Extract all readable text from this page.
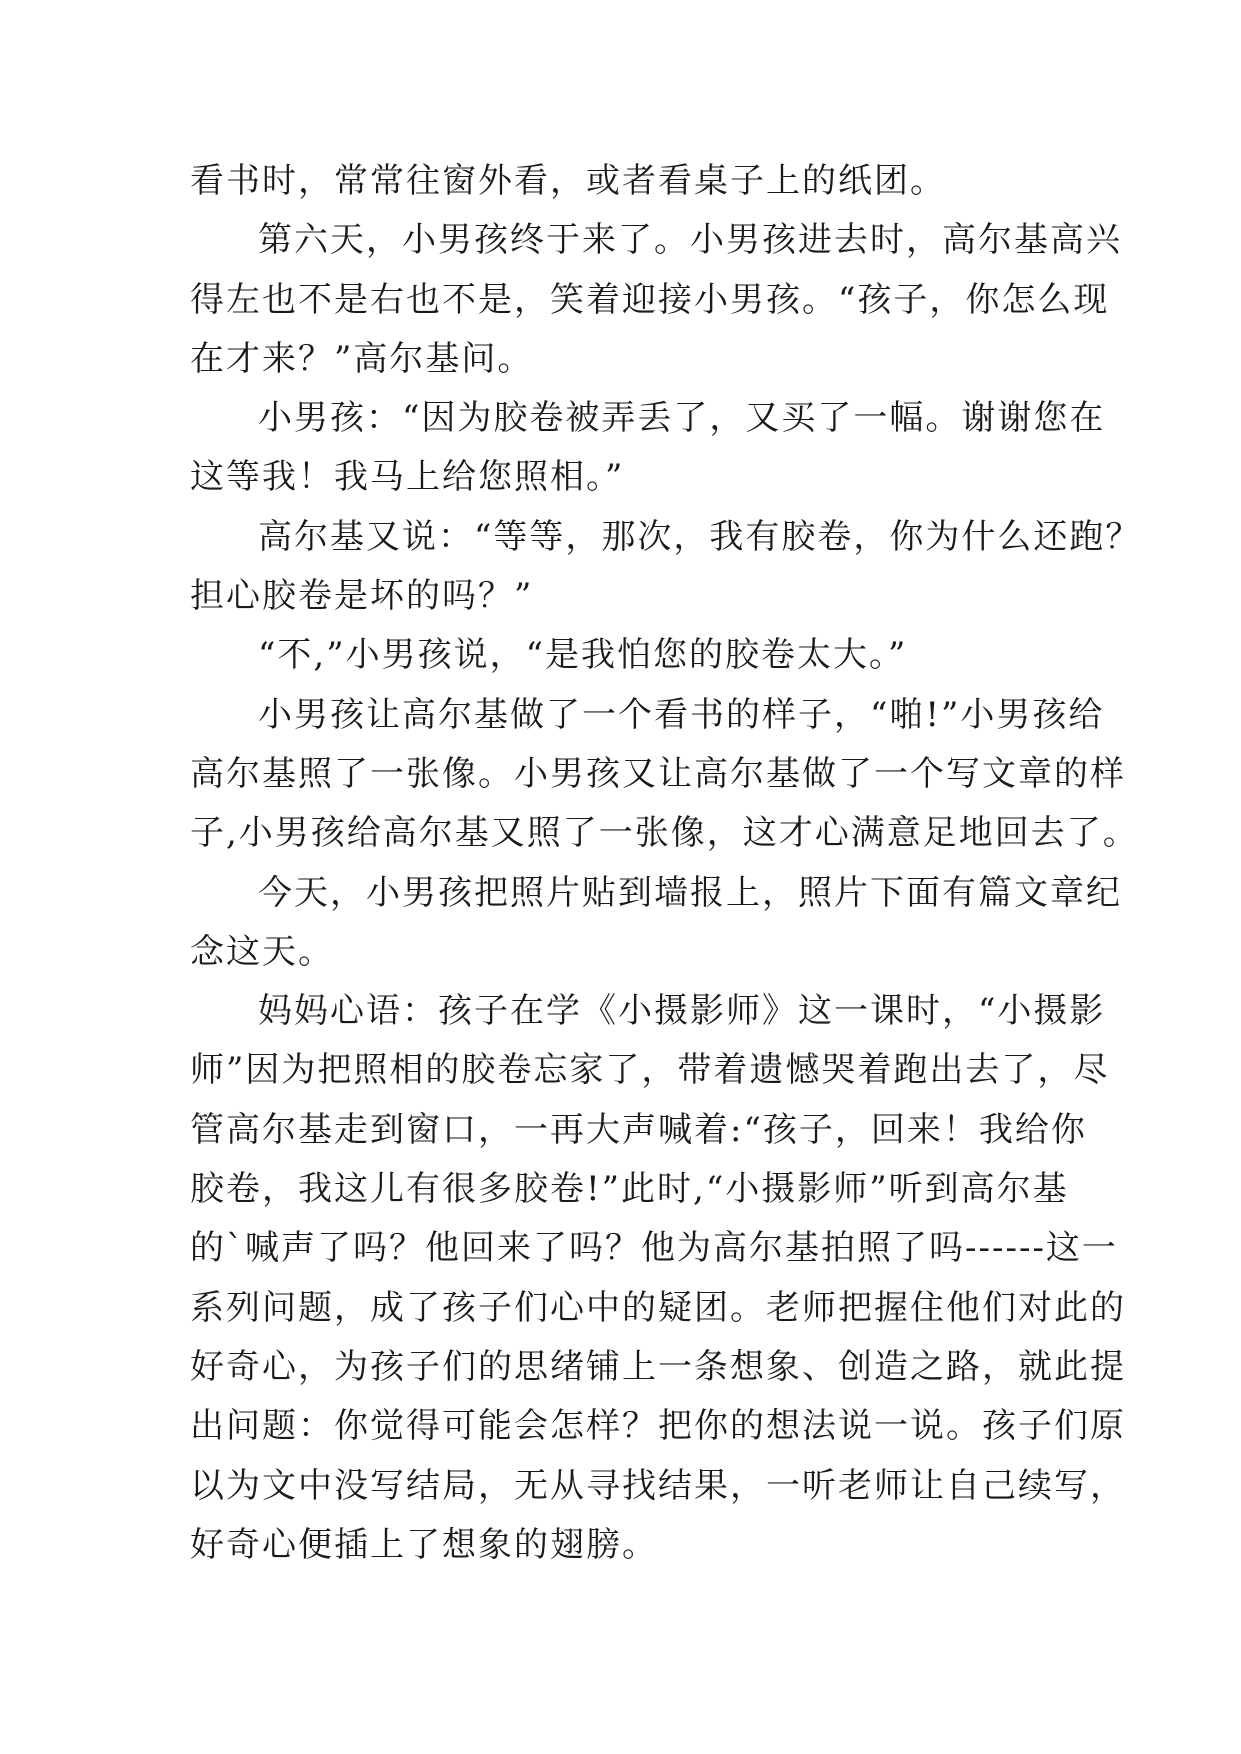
看书时，常常往窗外看，或者看桌子上的纸团。
第六天，小男孩终于来了。小男孩进去时，高尔基高兴
得左也不是右也不是，笑着迎接小男孩。“孩子，你怎么现
在才来？”高尔基问。
小男孩：“因为胶卷被弄丢了，又买了一幅。谢谢您在
这等我！我马上给您照相。”
高尔基又说：“等等，那次，我有胶卷，你为什么还跑？
担心胶卷是坏的吗？”
“不,”小男孩说，“是我怕您的胶卷太大。”
小男孩让高尔基做了一个看书的样子，“啪!”小男孩给
高尔基照了一张像。小男孩又让高尔基做了一个写文章的样
子,小男孩给高尔基又照了一张像，这才心满意足地回去了。
今天，小男孩把照片贴到墙报上，照片下面有篇文章纪
念这天。
妈妈心语：孩子在学《小摄影师》这一课时，“小摄影
师”因为把照相的胶卷忘家了，带着遗憾哭着跑出去了，尽
管高尔基走到窗口，一再大声喊着:“孩子，回来！我给你
胶卷，我这儿有很多胶卷!”此时,“小摄影师”听到高尔基
的`喊声了吗？他回来了吗？他为高尔基拍照了吗------这一
系列问题，成了孩子们心中的疑团。老师把握住他们对此的
好奇心，为孩子们的思绪铺上一条想象、创造之路，就此提
出问题：你觉得可能会怎样？把你的想法说一说。孩子们原
以为文中没写结局，无从寻找结果，一听老师让自己续写，
好奇心便插上了想象的翅膀。
